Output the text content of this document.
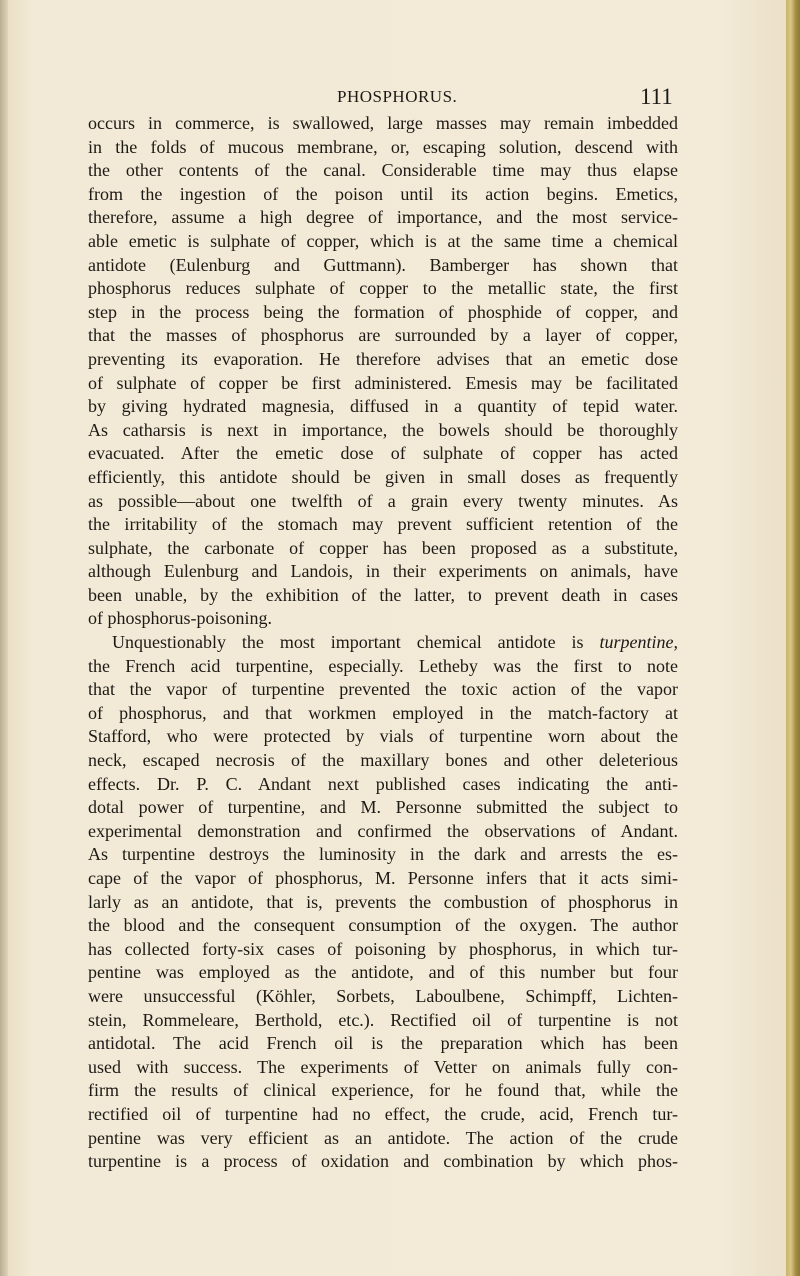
PHOSPHORUS.	111
occurs in commerce, is swallowed, large masses may remain imbedded
in the folds of mucous membrane, or, escaping solution, descend with
the other contents of the canal. Considerable time may thus elapse
from the ingestion of the poison until its action begins. Emetics,
therefore, assume a high degree of importance, and the most service-
able emetic is sulphate of copper, which is at the same time a chemical
antidote (Eulenburg and Guttmann). Bamberger has shown that
phosphorus reduces sulphate of copper to the metallic state, the first
step in the process being the formation of phosphide of copper, and
that the masses of phosphorus are surrounded by a layer of copper,
preventing its evaporation. He therefore advises that an emetic dose
of sulphate of copper be first administered. Emesis may be facilitated
by giving hydrated magnesia, diffused in a quantity of tepid water.
As catharsis is next in importance, the bowels should be thoroughly
evacuated. After the emetic dose of sulphate of copper has acted
efficiently, this antidote should be given in small doses as frequently
as possible—about one twelfth of a grain every twenty minutes. As
the irritability of the stomach may prevent sufficient retention of the
sulphate, the carbonate of copper has been proposed as a substitute,
although Eulenburg and Landois, in their experiments on animals, have
been unable, by the exhibition of the latter, to prevent death in cases
of phosphorus-poisoning.
Unquestionably the most important chemical antidote is turpentine,
the French acid turpentine, especially. Letheby was the first to note
that the vapor of turpentine prevented the toxic action of the vapor
of phosphorus, and that workmen employed in the match-factory at
Stafford, who were protected by vials of turpentine worn about the
neck, escaped necrosis of the maxillary bones and other deleterious
effects. Dr. P. C. Andant next published cases indicating the anti-
dotal power of turpentine, and M. Personne submitted the subject to
experimental demonstration and confirmed the observations of Andant.
As turpentine destroys the luminosity in the dark and arrests the es-
cape of the vapor of phosphorus, M. Personne infers that it acts simi-
larly as an antidote, that is, prevents the combustion of phosphorus in
the blood and the consequent consumption of the oxygen. The author
has collected forty-six cases of poisoning by phosphorus, in which tur-
pentine was employed as the antidote, and of this number but four
were unsuccessful (Köhler, Sorbets, Laboulbene, Schimpff, Lichten-
stein, Rommeleare, Berthold, etc.). Rectified oil of turpentine is not
antidotal. The acid French oil is the preparation which has been
used with success. The experiments of Vetter on animals fully con-
firm the results of clinical experience, for he found that, while the
rectified oil of turpentine had no effect, the crude, acid, French tur-
pentine was very efficient as an antidote. The action of the crude
turpentine is a process of oxidation and combination by which phos-
